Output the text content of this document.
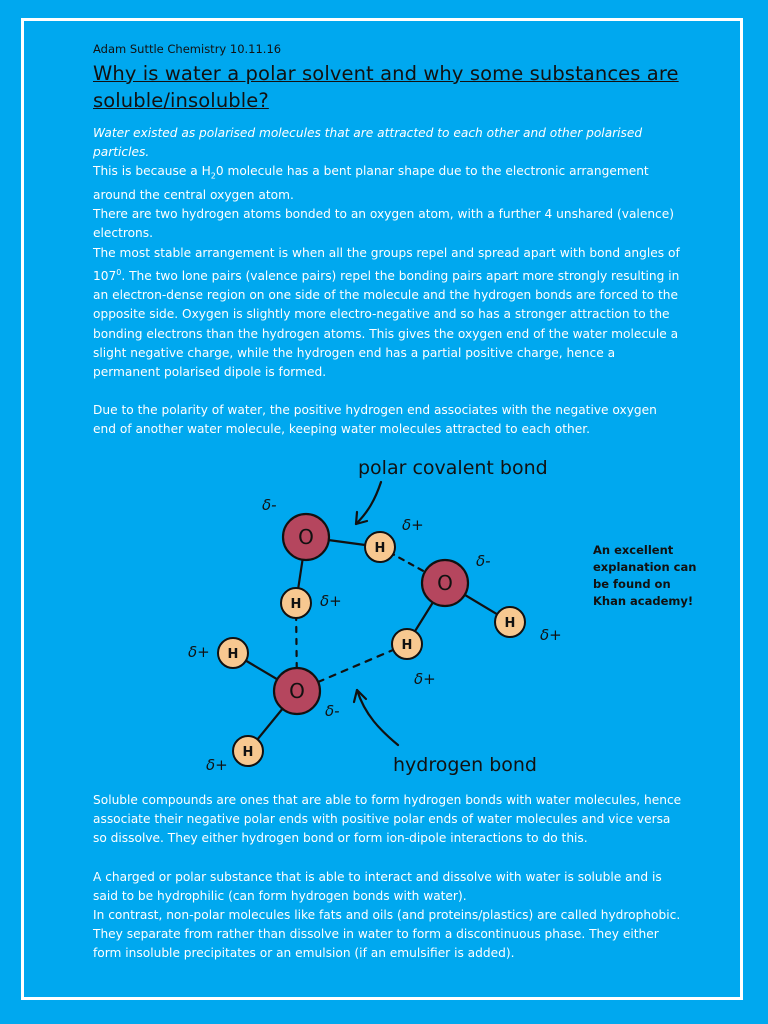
Adam Suttle Chemistry 10.11.16

Why is water a polar solvent and why some substances are soluble/insoluble?

Water existed as polarised molecules that are attracted to each other and other polarised particles.

This is because a $H_20$ molecule has a bent planar shape due to the electronic arrangement around the central oxygen atom.

There are two hydrogen atoms bonded to an oxygen atom, with a further 4 unshared (valence) electrons.

The most stable arrangement is when all the groups repel and spread apart with bond angles of $107^0$. The two lone pairs (valence pairs) repel the bonding pairs apart more strongly resulting in an electron-dense region on one side of the molecule and the hydrogen bonds are forced to the opposite side. Oxygen is slightly more electro-negative and so has a stronger attraction to the bonding electrons than the hydrogen atoms. This gives the oxygen end of the water molecule a slight negative charge, while the hydrogen end has a partial positive charge, hence a permanent polarised dipole is formed.

Due to the polarity of water, the positive hydrogen end associates with the negative oxygen end of another water molecule, keeping water molecules attracted to each other.

O
O
O
H
H
H
H
H
H
δ-
δ+
δ-
δ+
δ+
δ+
δ+
δ-
δ+
polar covalent bond
hydrogen bond
An excellent explanation can be found on Khan academy!

Soluble compounds are ones that are able to form hydrogen bonds with water molecules, hence associate their negative polar ends with positive polar ends of water molecules and vice versa so dissolve. They either hydrogen bond or form ion-dipole interactions to do this.

A charged or polar substance that is able to interact and dissolve with water is soluble and is said to be hydrophilic (can form hydrogen bonds with water).

In contrast, non-polar molecules like fats and oils (and proteins/plastics) are called hydrophobic. They separate from rather than dissolve in water to form a discontinuous phase. They either form insoluble precipitates or an emulsion (if an emulsifier is added).
